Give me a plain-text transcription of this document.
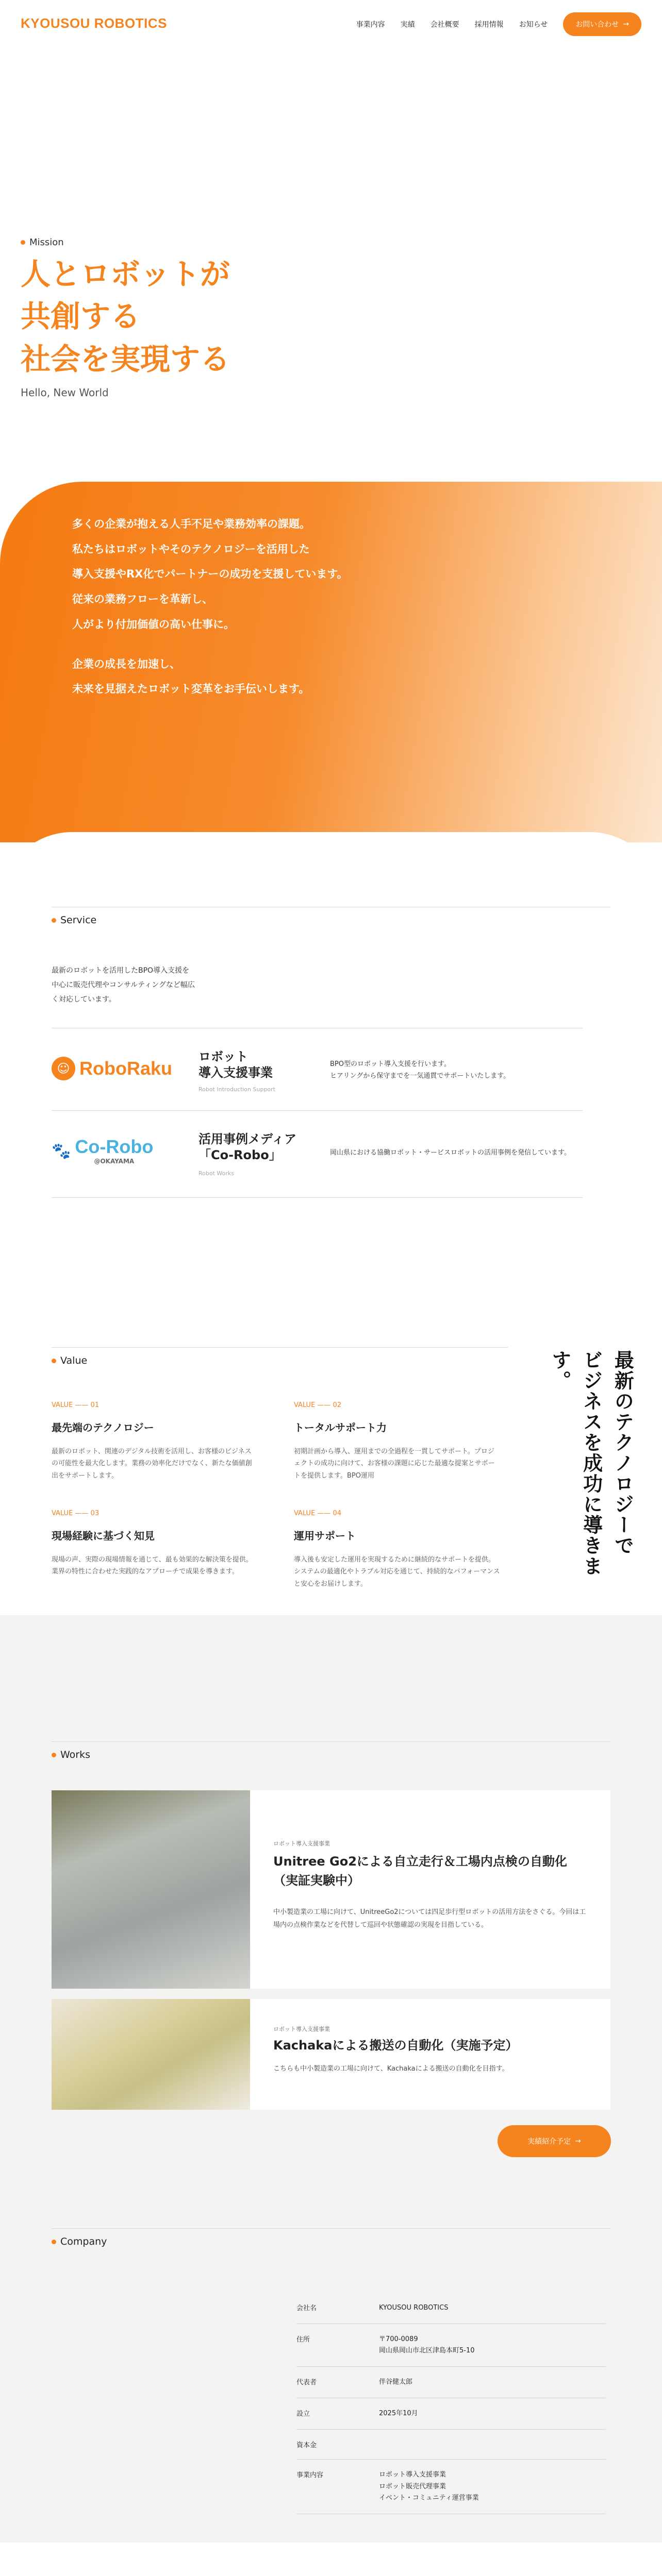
KYOUSOU ROBOTICS	事業内容 実績 会社概要 採用情報 お知らせ	お問い合わせ →
Mission
人とロボットが
共創する
社会を実現する
Hello, New World

多くの企業が抱える人手不足や業務効率の課題。

私たちはロボットやそのテクノロジーを活用した

導入支援やRX化でパートナーの成功を支援しています。

従来の業務フローを革新し、

人がより付加価値の高い仕事に。

企業の成長を加速し、

未来を見据えたロボット変革をお手伝いします。

Service
最新のロボットを活用したBPO導入支援を中心に販売代理やコンサルティングなど幅広く対応しています。
☺ RoboRaku
ロボット
導入支援事業
Robot Introduction Support
BPO型のロボット導入支援を行います。
ヒアリングから保守までを一気通貫でサポートいたします。
🐾 Co-Robo
@OKAYAMA
活用事例メディア
「Co-Robo」
Robot Works
岡山県における協働ロボット・サービスロボットの活用事例を発信しています。
Value	最新のテクノロジーで
ビジネスを成功に導きます。
VALUE —— 01
最先端のテクノロジー
最新のロボット、関連のデジタル技術を活用し、お客様のビジネスの可能性を最大化します。業務の効率化だけでなく、新たな価値創出をサポートします。
VALUE —— 02
トータルサポート力
初期計画から導入、運用までの全過程を一貫してサポート。プロジェクトの成功に向けて、お客様の課題に応じた最適な提案とサポートを提供します。BPO運用
VALUE —— 03
現場経験に基づく知見
現場の声、実際の現場情報を通じて、最も効果的な解決策を提供。業界の特性に合わせた実践的なアプローチで成果を導きます。
VALUE —— 04
運用サポート
導入後も安定した運用を実現するために継続的なサポートを提供。システムの最適化やトラブル対応を通じて、持続的なパフォーマンスと安心をお届けします。
Works
ロボット導入支援事業
Unitree Go2による自立走行＆工場内点検の自動化（実証実験中）
中小製造業の工場に向けて、UnitreeGo2については四足歩行型ロボットの活用方法をさぐる。今回は工場内の点検作業などを代替して巡回や状態確認の実現を目指している。
ロボット導入支援事業
Kachakaによる搬送の自動化（実施予定）
こちらも中小製造業の工場に向けて、Kachakaによる搬送の自動化を目指す。
実績紹介予定 →
Company
会社名	KYOUSOU ROBOTICS
住所	〒700-0089
岡山県岡山市北区津島本町5-10
代表者	伴谷健太郎
設立	2025年10月
資本金
事業内容	ロボット導入支援事業
ロボット販売代理事業
イベント・コミュニティ運営事業
